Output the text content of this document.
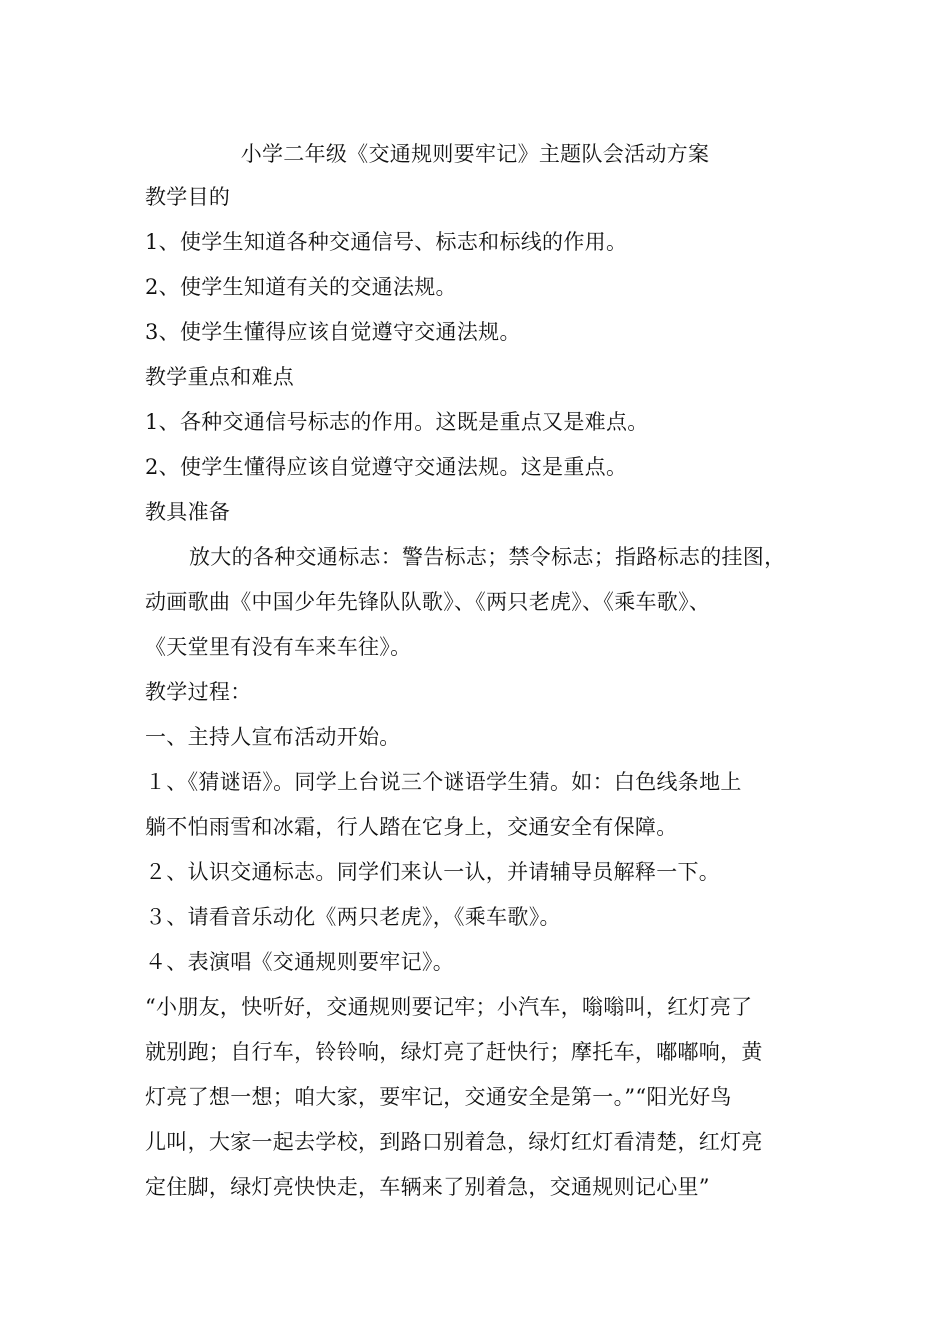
小学二年级《交通规则要牢记》主题队会活动方案
教学目的
1、使学生知道各种交通信号、标志和标线的作用。
2、使学生知道有关的交通法规。
3、使学生懂得应该自觉遵守交通法规。
教学重点和难点
1、各种交通信号标志的作用。这既是重点又是难点。
2、使学生懂得应该自觉遵守交通法规。这是重点。
教具准备
放大的各种交通标志：警告标志；禁令标志；指路标志的挂图，
动画歌曲《中国少年先锋队队歌》、《两只老虎》、《乘车歌》、
《天堂里有没有车来车往》。
教学过程：
一、主持人宣布活动开始。
１、《猜谜语》。同学上台说三个谜语学生猜。如：白色线条地上
躺不怕雨雪和冰霜，行人踏在它身上，交通安全有保障。
２、认识交通标志。同学们来认一认，并请辅导员解释一下。
３、请看音乐动化《两只老虎》，《乘车歌》。
４、表演唱《交通规则要牢记》。
“小朋友，快听好，交通规则要记牢；小汽车，嗡嗡叫，红灯亮了
就别跑；自行车，铃铃响，绿灯亮了赶快行；摩托车，嘟嘟响，黄
灯亮了想一想；咱大家，要牢记，交通安全是第一。”“阳光好鸟
儿叫，大家一起去学校，到路口别着急，绿灯红灯看清楚，红灯亮
定住脚，绿灯亮快快走，车辆来了别着急，交通规则记心里”
